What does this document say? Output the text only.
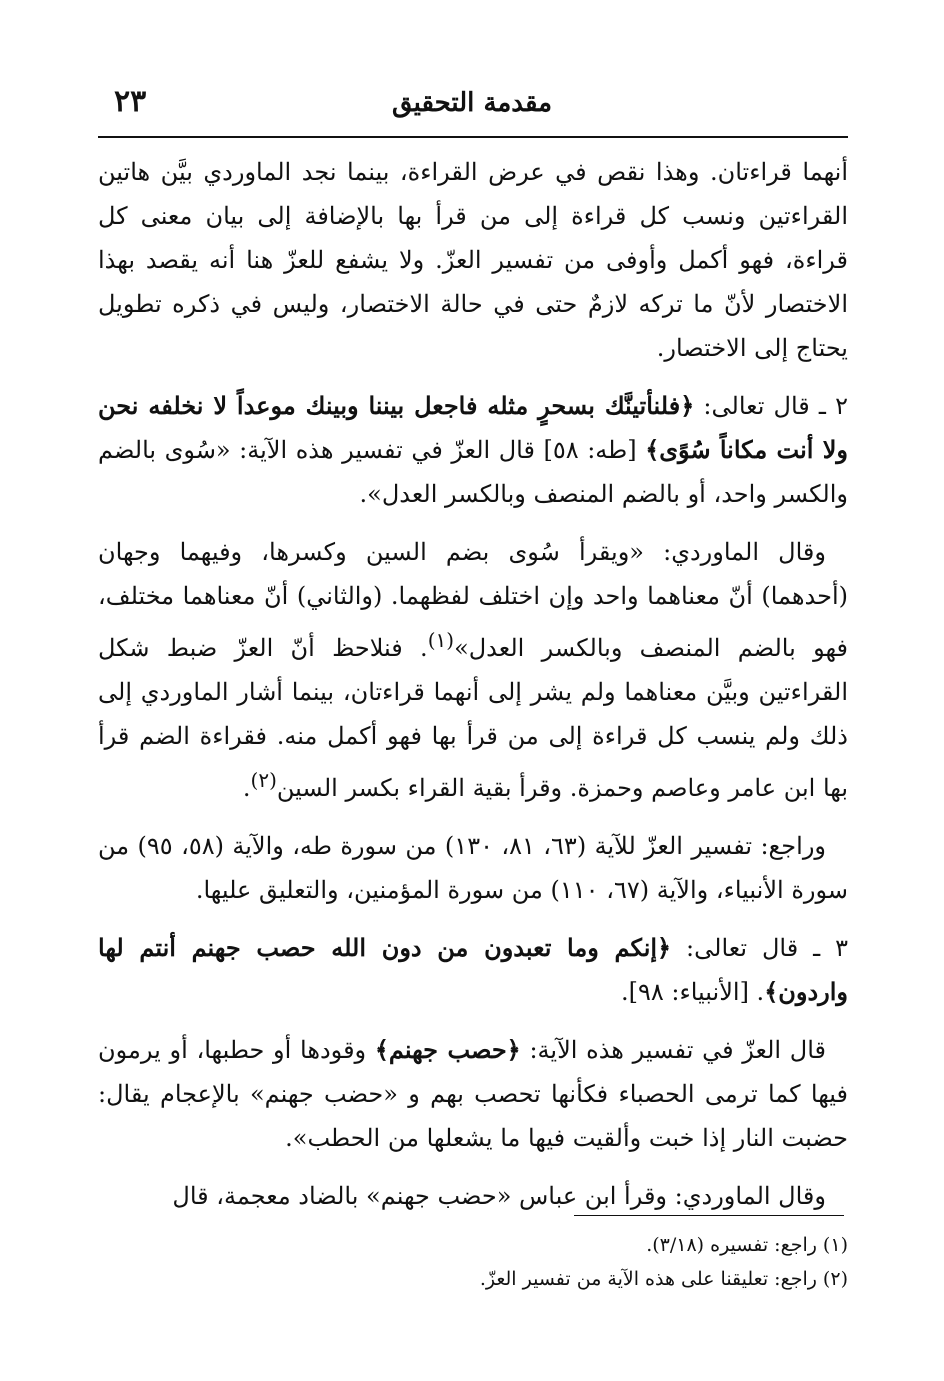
مقدمة التحقيق
٢٣

أنهما قراءتان. وهذا نقص في عرض القراءة، بينما نجد الماوردي بيَّن هاتين القراءتين ونسب كل قراءة إلى من قرأ بها بالإضافة إلى بيان معنى كل قراءة، فهو أكمل وأوفى من تفسير العزّ. ولا يشفع للعزّ هنا أنه يقصد بهذا الاختصار لأنّ ما تركه لازمٌ حتى في حالة الاختصار، وليس في ذكره تطويل يحتاج إلى الاختصار.

٢ ـ قال تعالى: ﴿فلنأتينَّك بسحرٍ مثله فاجعل بيننا وبينك موعداً لا نخلفه نحن ولا أنت مكاناً سُوًى﴾ [طه: ٥٨] قال العزّ في تفسير هذه الآية: «سُوى بالضم والكسر واحد، أو بالضم المنصف وبالكسر العدل».

وقال الماوردي: «ويقرأ سُوى بضم السين وكسرها، وفيهما وجهان (أحدهما) أنّ معناهما واحد وإن اختلف لفظهما. (والثاني) أنّ معناهما مختلف، فهو بالضم المنصف وبالكسر العدل»$^{(١)}$. فنلاحظ أنّ العزّ ضبط شكل القراءتين وبيَّن معناهما ولم يشر إلى أنهما قراءتان، بينما أشار الماوردي إلى ذلك ولم ينسب كل قراءة إلى من قرأ بها فهو أكمل منه. فقراءة الضم قرأ بها ابن عامر وعاصم وحمزة. وقرأ بقية القراء بكسر السين$^{(٢)}$.

وراجع: تفسير العزّ للآية (٦٣، ٨١، ١٣٠) من سورة طه، والآية (٥٨، ٩٥) من سورة الأنبياء، والآية (٦٧، ١١٠) من سورة المؤمنين، والتعليق عليها.

٣ ـ قال تعالى: ﴿إنكم وما تعبدون من دون الله حصب جهنم أنتم لها واردون﴾. [الأنبياء: ٩٨].

قال العزّ في تفسير هذه الآية: ﴿حصب جهنم﴾ وقودها أو حطبها، أو يرمون فيها كما ترمى الحصباء فكأنها تحصب بهم و «حضب جهنم» بالإعجام يقال: حضبت النار إذا خبت وألقيت فيها ما يشعلها من الحطب».

وقال الماوردي: وقرأ ابن عباس «حضب جهنم» بالضاد معجمة، قال

(١) راجع: تفسيره (٣/١٨).

(٢) راجع: تعليقنا على هذه الآية من تفسير العزّ.
